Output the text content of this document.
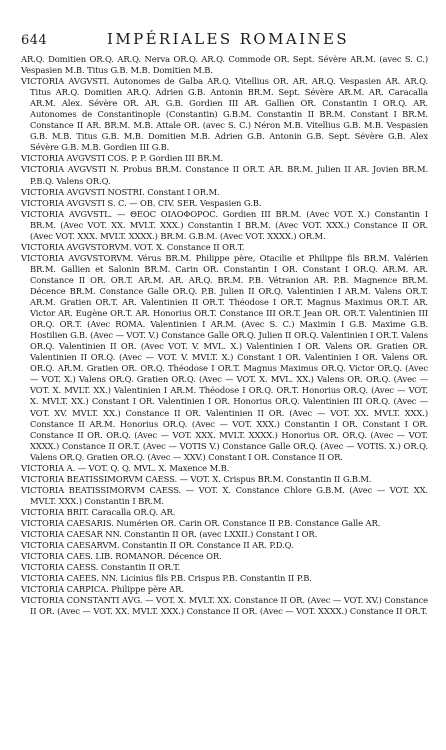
644	IMPÉRIALES ROMAINES
AR.Q. Domitien OR.Q. AR.Q. Nerva OR.Q. AR.Q. Commode OR. Sept. Sévère AR.M. (avec S. C.) Vespasien M.B. Titus G.B. M.B. Domitien M.B.
VICTORIA AVGVSTI. Autonomes de Galba AR.Q. Vitellius OR. AR. AR.Q. Vespasien AR. AR.Q. Titus AR.Q. Domitien AR.Q. Adrien G.B. Antonin BR.M. Sept. Sévère AR.M. AR. Caracalla AR.M. Alex. Sévère OR. AR. G.B. Gordien III AR. Gallien OR. Constantin I OR.Q. AR. Autonomes de Constantinople (Constantin) G.B.M. Constantin II BR.M. Constant I BR.M. Constance II AR. BR.M. M.B. Attale OR. (avec S. C.) Néron M.B. Vitellius G.B. M.B. Vespasien G.B. M.B. Titus G.B. M.B. Domitien M.B. Adrien G.B. Antonin G.B. Sept. Sévère G.B. Alex Sévère G.B. M.B. Gordien III G.B.
VICTORIA AVGVSTI COS. P. P. Gordien III BR.M.
VICTORIA AVGVSTI N. Probus BR.M. Constance II OR.T. AR. BR.M. Julien II AR. Jovien BR.M. P.B.Q. Valens OR.Q.
VICTORIA AVGVSTI NOSTRI. Constant I OR.M.
VICTORIA AVGVSTI S. C. — OB. CIV. SER. Vespasien G.B.
VICTORIA AVGVSTL. — ΘΕΟC ΟΙΛΟΦΟΡΟC. Gordien III BR.M. (Avec VOT. X.) Constantin I BR.M. (Avec VOT. XX. MVLT. XXX.) Constantin I BR.M. (Avec VOT. XXX.) Constance II OR. (Avec VOT. XXX. MVLT. XXXX.) BR.M. G.B.M. (Avec VOT. XXXX.) OR.M.
VICTORIA AVGVSTORVM. VOT. X. Constance II OR.T.
VICTORIA AVGVSTORVM. Vérus BR.M. Philippe père, Otacilie et Philippe fils BR.M. Valérien BR.M. Gallien et Salonin BR.M. Carin OR. Constantin I OR. Constant I OR.Q. AR.M. AR. Constance II OR. OR.T. AR.M. AR. AR.Q. BR.M. P.B. Vétranion AR. P.B. Magnence BR.M. Décence BR.M. Constance Galle OR.Q. P.B. Julien II OR.Q. Valentinien I AR.M. Valens OR.T. AR.M. Gratien OR.T. AR. Valentinien II OR.T. Théodose I OR.T. Magnus Maximus OR.T. AR. Victor AR. Eugène OR.T. AR. Honorius OR.T. Constance III OR.T. Jean OR. OR.T. Valentinien III OR.Q. OR.T. (Avec ROMA. Valentinien I AR.M. (Avec S. C.) Maximin I G.B. Maxime G.B. Hostilien G.B. (Avec — VOT. V.) Constance Galle OR.Q. Julien II OR.Q. Valentinien I OR.T. Valens OR.Q. Valentinien II OR. (Avec VOT. V. MVL. X.) Valentinien I OR. Valens OR. Gratien OR. Valentinien II OR.Q. (Avec — VOT. V. MVLT. X.) Constant I OR. Valentinien I OR. Valens OR. OR.Q. AR.M. Gratien OR. OR.Q. Théodose I OR.T. Magnus Maximus OR.Q. Victor OR.Q. (Avec — VOT. X.) Valens OR.Q. Gratien OR.Q. (Avec — VOT. X. MVL. XX.) Valens OR. OR.Q. (Avec — VOT. X. MVLT. XX.) Valentinien I AR.M. Théodose I OR.Q. OR.T. Honorius OR.Q. (Avec — VOT. X. MVLT. XX.) Constant I OR. Valentinien I OR. Honorius OR.Q. Valentinien III OR.Q. (Avec — VOT. XV. MVLT. XX.) Constance II OR. Valentinien II OR. (Avec — VOT. XX. MVLT. XXX.) Constance II AR.M. Honorius OR.Q. (Avec — VOT. XXX.) Constantin I OR. Constant I OR. Constance II OR. OR.Q. (Avec — VOT. XXX. MVLT. XXXX.) Honorius OR. OR.Q. (Avec — VOT. XXXX.) Constance II OR.T. (Avec — VOTIS V.) Constance Galle OR.Q. (Avec — VOTIS. X.) OR.Q. Valens OR.Q. Gratien OR.Q. (Avec — XXV.) Constant I OR. Constance II OR.
VICTORIA A. — VOT. Q. Q. MVL. X. Maxence M.B.
VICTORIA BEATISSIMORVM CAESS. — VOT. X. Crispus BR.M. Constantin II G.B.M.
VICTORIA BEATISSIMORVM CAESS. — VOT. X. Constance Chlore G.B.M. (Avec — VOT. XX. MVLT. XXX.) Constantin I BR.M.
VICTORIA BRIT. Caracalla OR.Q. AR.
VICTORIA CAESARIS. Numérien OR. Carin OR. Constance II P.B. Constance Galle AR.
VICTORIA CAESAR NN. Constantin II OR. (avec LXXII.) Constant I OR.
VICTORIA CAESARVM. Constantin II OR. Constance II AR. P.D.Q.
VICTORIA CAES. LIB. ROMANOR. Décence OR.
VICTORIA CAESS. Constantin II OR.T.
VICTORIA CAEES. NN. Licinius fils P.B. Crispus P.B. Constantin II P.B.
VICTORIA CARPICA. Philippe père AR.
VICTORIA CONSTANTI AVG. — VOT. X. MVLT. XX. Constance II OR. (Avec — VOT. XV.) Constance II OR. (Avec — VOT. XX. MVLT. XXX.) Constance II OR. (Avec — VOT. XXXX.) Constance II OR.T.
